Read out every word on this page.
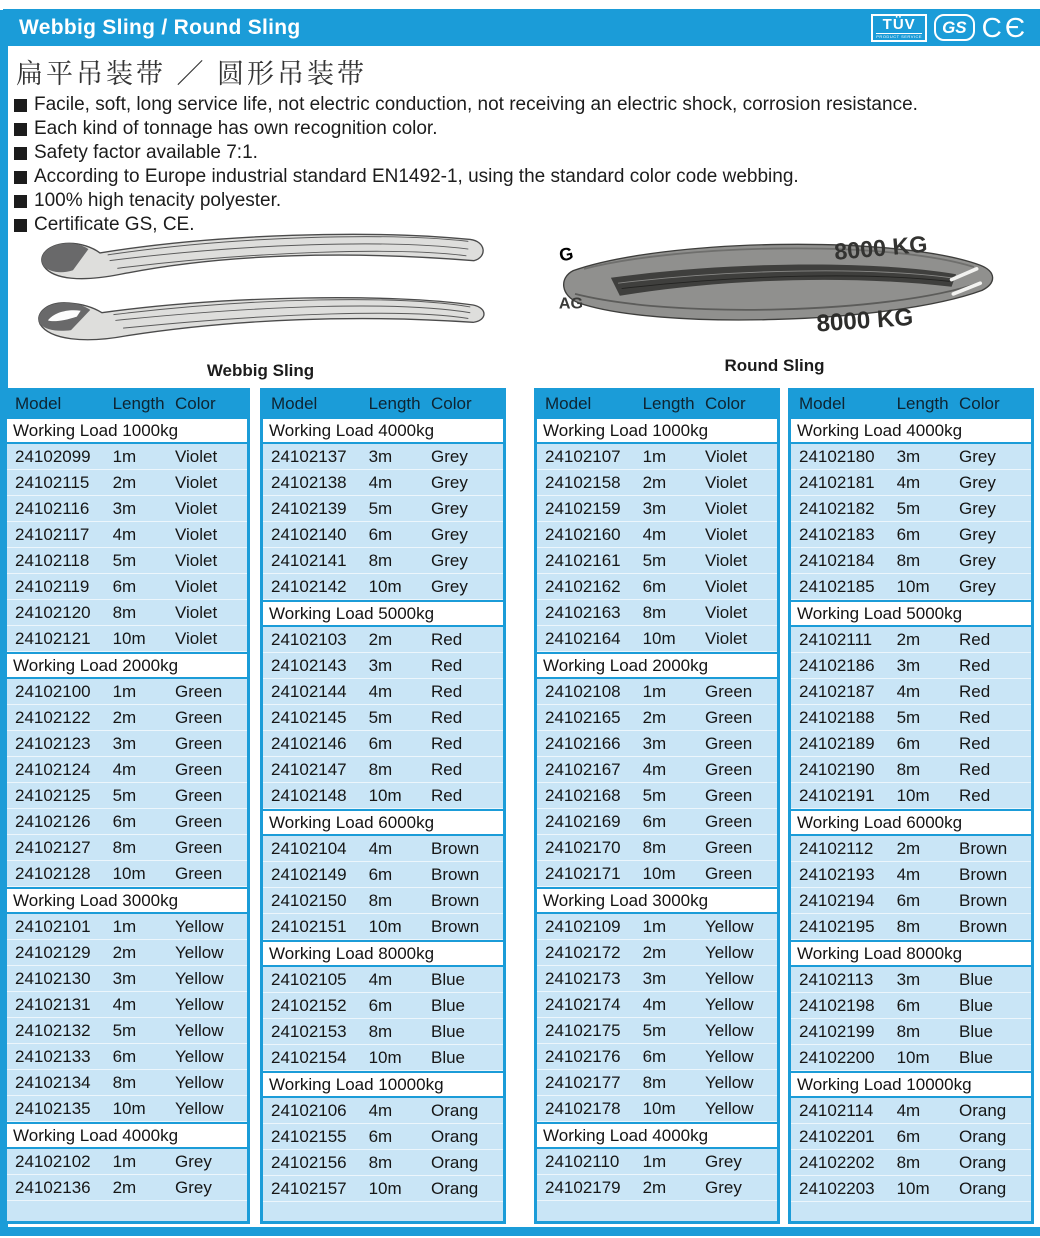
Webbig Sling / Round Sling	TÜV
PRODUCT SERVICE	GS CЄ
扁平吊装带 ／ 圆形吊装带
Facile, soft, long service life, not electric conduction, not receiving an electric shock, corrosion resistance.
Each kind of tonnage has own recognition color.
Safety factor available 7:1.
According to Europe industrial standard EN1492-1, using the standard color code webbing.
100% high tenacity polyester.
Certificate GS, CE.
Webbig Sling
8000 KG
8000 KG
G
AG
Round Sling
Model	Length Color
Working Load 1000kg
24102099	1m	Violet
24102115	2m	Violet
24102116	3m	Violet
24102117	4m	Violet
24102118	5m	Violet
24102119	6m	Violet
24102120	8m	Violet
24102121	10m	Violet
Working Load 2000kg
24102100	1m	Green
24102122	2m	Green
24102123	3m	Green
24102124	4m	Green
24102125	5m	Green
24102126	6m	Green
24102127	8m	Green
24102128	10m	Green
Working Load 3000kg
24102101	1m	Yellow
24102129	2m	Yellow
24102130	3m	Yellow
24102131	4m	Yellow
24102132	5m	Yellow
24102133	6m	Yellow
24102134	8m	Yellow
24102135	10m	Yellow
Working Load 4000kg
24102102	1m	Grey
24102136	2m	Grey
Model	Length Color
Working Load 4000kg
24102137	3m	Grey
24102138	4m	Grey
24102139	5m	Grey
24102140	6m	Grey
24102141	8m	Grey
24102142	10m	Grey
Working Load 5000kg
24102103	2m	Red
24102143	3m	Red
24102144	4m	Red
24102145	5m	Red
24102146	6m	Red
24102147	8m	Red
24102148	10m	Red
Working Load 6000kg
24102104	4m	Brown
24102149	6m	Brown
24102150	8m	Brown
24102151	10m	Brown
Working Load 8000kg
24102105	4m	Blue
24102152	6m	Blue
24102153	8m	Blue
24102154	10m	Blue
Working Load 10000kg
24102106	4m	Orang
24102155	6m	Orang
24102156	8m	Orang
24102157	10m	Orang
Model	Length Color
Working Load 1000kg
24102107	1m	Violet
24102158	2m	Violet
24102159	3m	Violet
24102160	4m	Violet
24102161	5m	Violet
24102162	6m	Violet
24102163	8m	Violet
24102164	10m	Violet
Working Load 2000kg
24102108	1m	Green
24102165	2m	Green
24102166	3m	Green
24102167	4m	Green
24102168	5m	Green
24102169	6m	Green
24102170	8m	Green
24102171	10m	Green
Working Load 3000kg
24102109	1m	Yellow
24102172	2m	Yellow
24102173	3m	Yellow
24102174	4m	Yellow
24102175	5m	Yellow
24102176	6m	Yellow
24102177	8m	Yellow
24102178	10m	Yellow
Working Load 4000kg
24102110	1m	Grey
24102179	2m	Grey
Model	Length Color
Working Load 4000kg
24102180	3m	Grey
24102181	4m	Grey
24102182	5m	Grey
24102183	6m	Grey
24102184	8m	Grey
24102185	10m	Grey
Working Load 5000kg
24102111	2m	Red
24102186	3m	Red
24102187	4m	Red
24102188	5m	Red
24102189	6m	Red
24102190	8m	Red
24102191	10m	Red
Working Load 6000kg
24102112	2m	Brown
24102193	4m	Brown
24102194	6m	Brown
24102195	8m	Brown
Working Load 8000kg
24102113	3m	Blue
24102198	6m	Blue
24102199	8m	Blue
24102200	10m	Blue
Working Load 10000kg
24102114	4m	Orang
24102201	6m	Orang
24102202	8m	Orang
24102203	10m	Orang
